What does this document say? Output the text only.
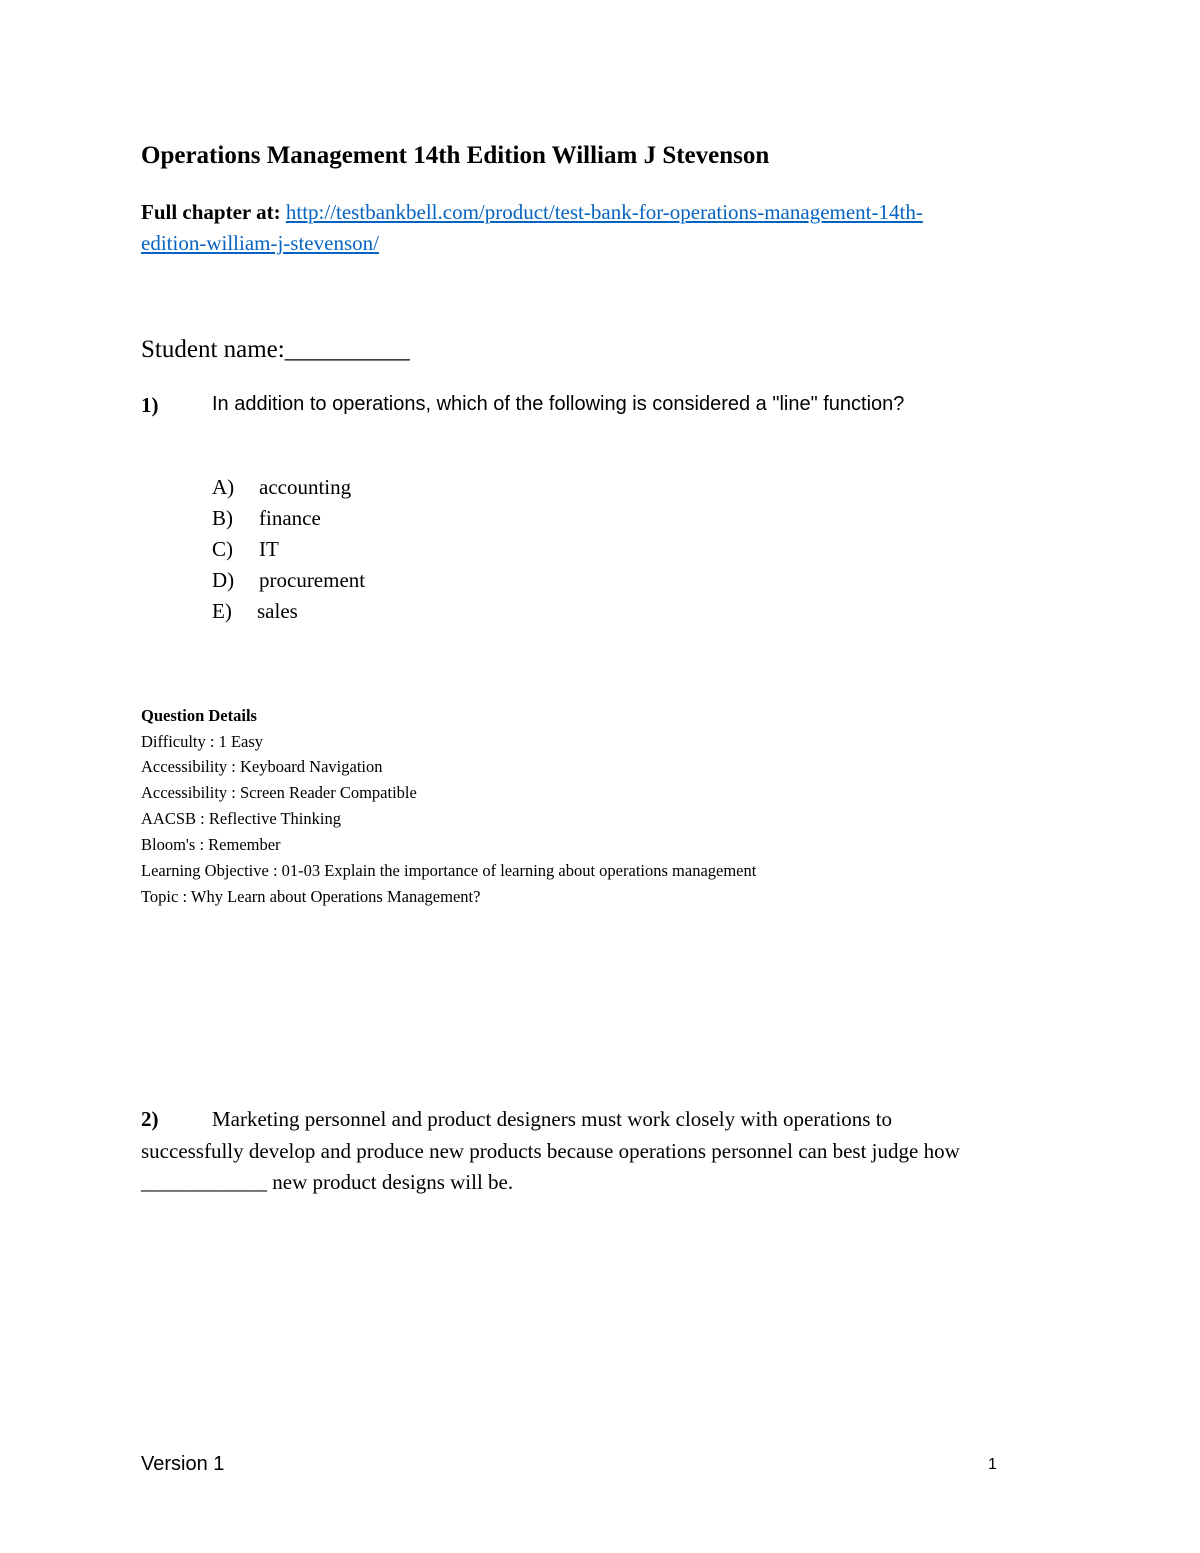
Operations Management 14th Edition William J Stevenson
Full chapter at: http://testbankbell.com/product/test-bank-for-operations-management-14th-
edition-william-j-stevenson/
Student name:__________
1)	In addition to operations, which of the following is considered a "line" function?
A) accounting
B) finance
C) IT
D) procurement
E) sales
Question Details
Difficulty : 1 Easy
Accessibility : Keyboard Navigation
Accessibility : Screen Reader Compatible
AACSB : Reflective Thinking
Bloom's : Remember
Learning Objective : 01-03 Explain the importance of learning about operations management
Topic : Why Learn about Operations Management?
2)	Marketing personnel and product designers must work closely with operations to
successfully develop and produce new products because operations personnel can best judge how
____________ new product designs will be.
Version 1	1
